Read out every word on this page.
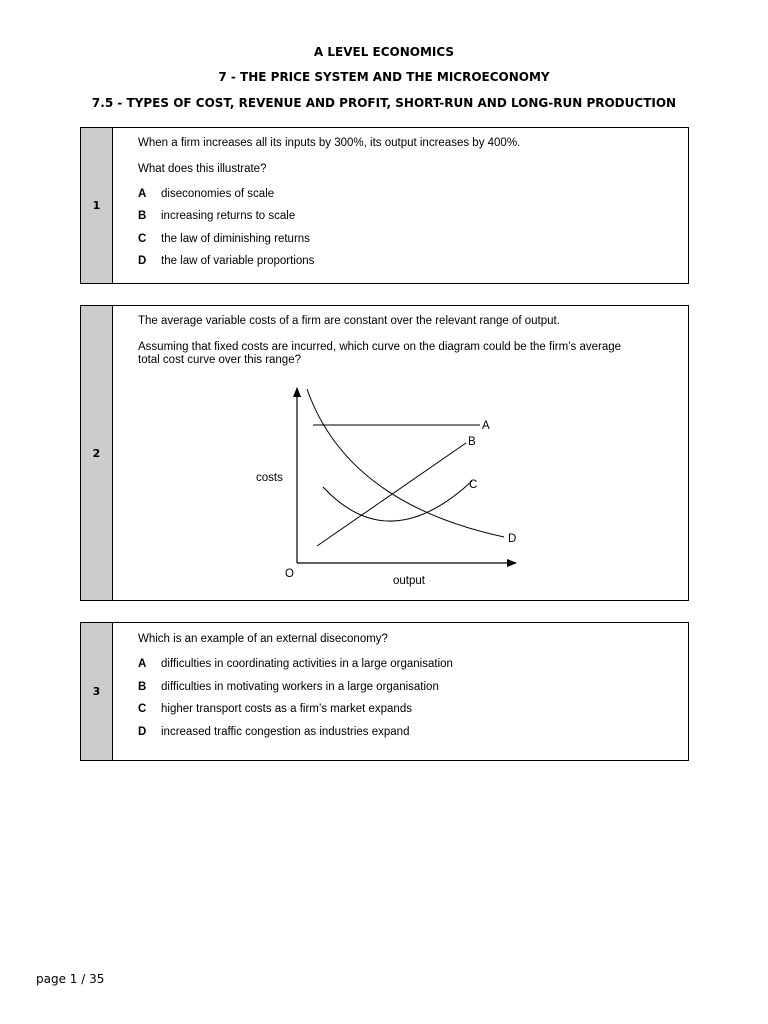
A LEVEL ECONOMICS
7 - THE PRICE SYSTEM AND THE MICROECONOMY
7.5 - TYPES OF COST, REVENUE AND PROFIT, SHORT-RUN AND LONG-RUN PRODUCTION
1
When a firm increases all its inputs by 300%, its output increases by 400%.
What does this illustrate?
A diseconomies of scale
B increasing returns to scale
C the law of diminishing returns
D the law of variable proportions
2
The average variable costs of a firm are constant over the relevant range of output.
Assuming that fixed costs are incurred, which curve on the diagram could be the firm’s average
total cost curve over this range?
A
B
C
D
costs
output
O
3
Which is an example of an external diseconomy?
A difficulties in coordinating activities in a large organisation
B difficulties in motivating workers in a large organisation
C higher transport costs as a firm’s market expands
D increased traffic congestion as industries expand
page 1 / 35
